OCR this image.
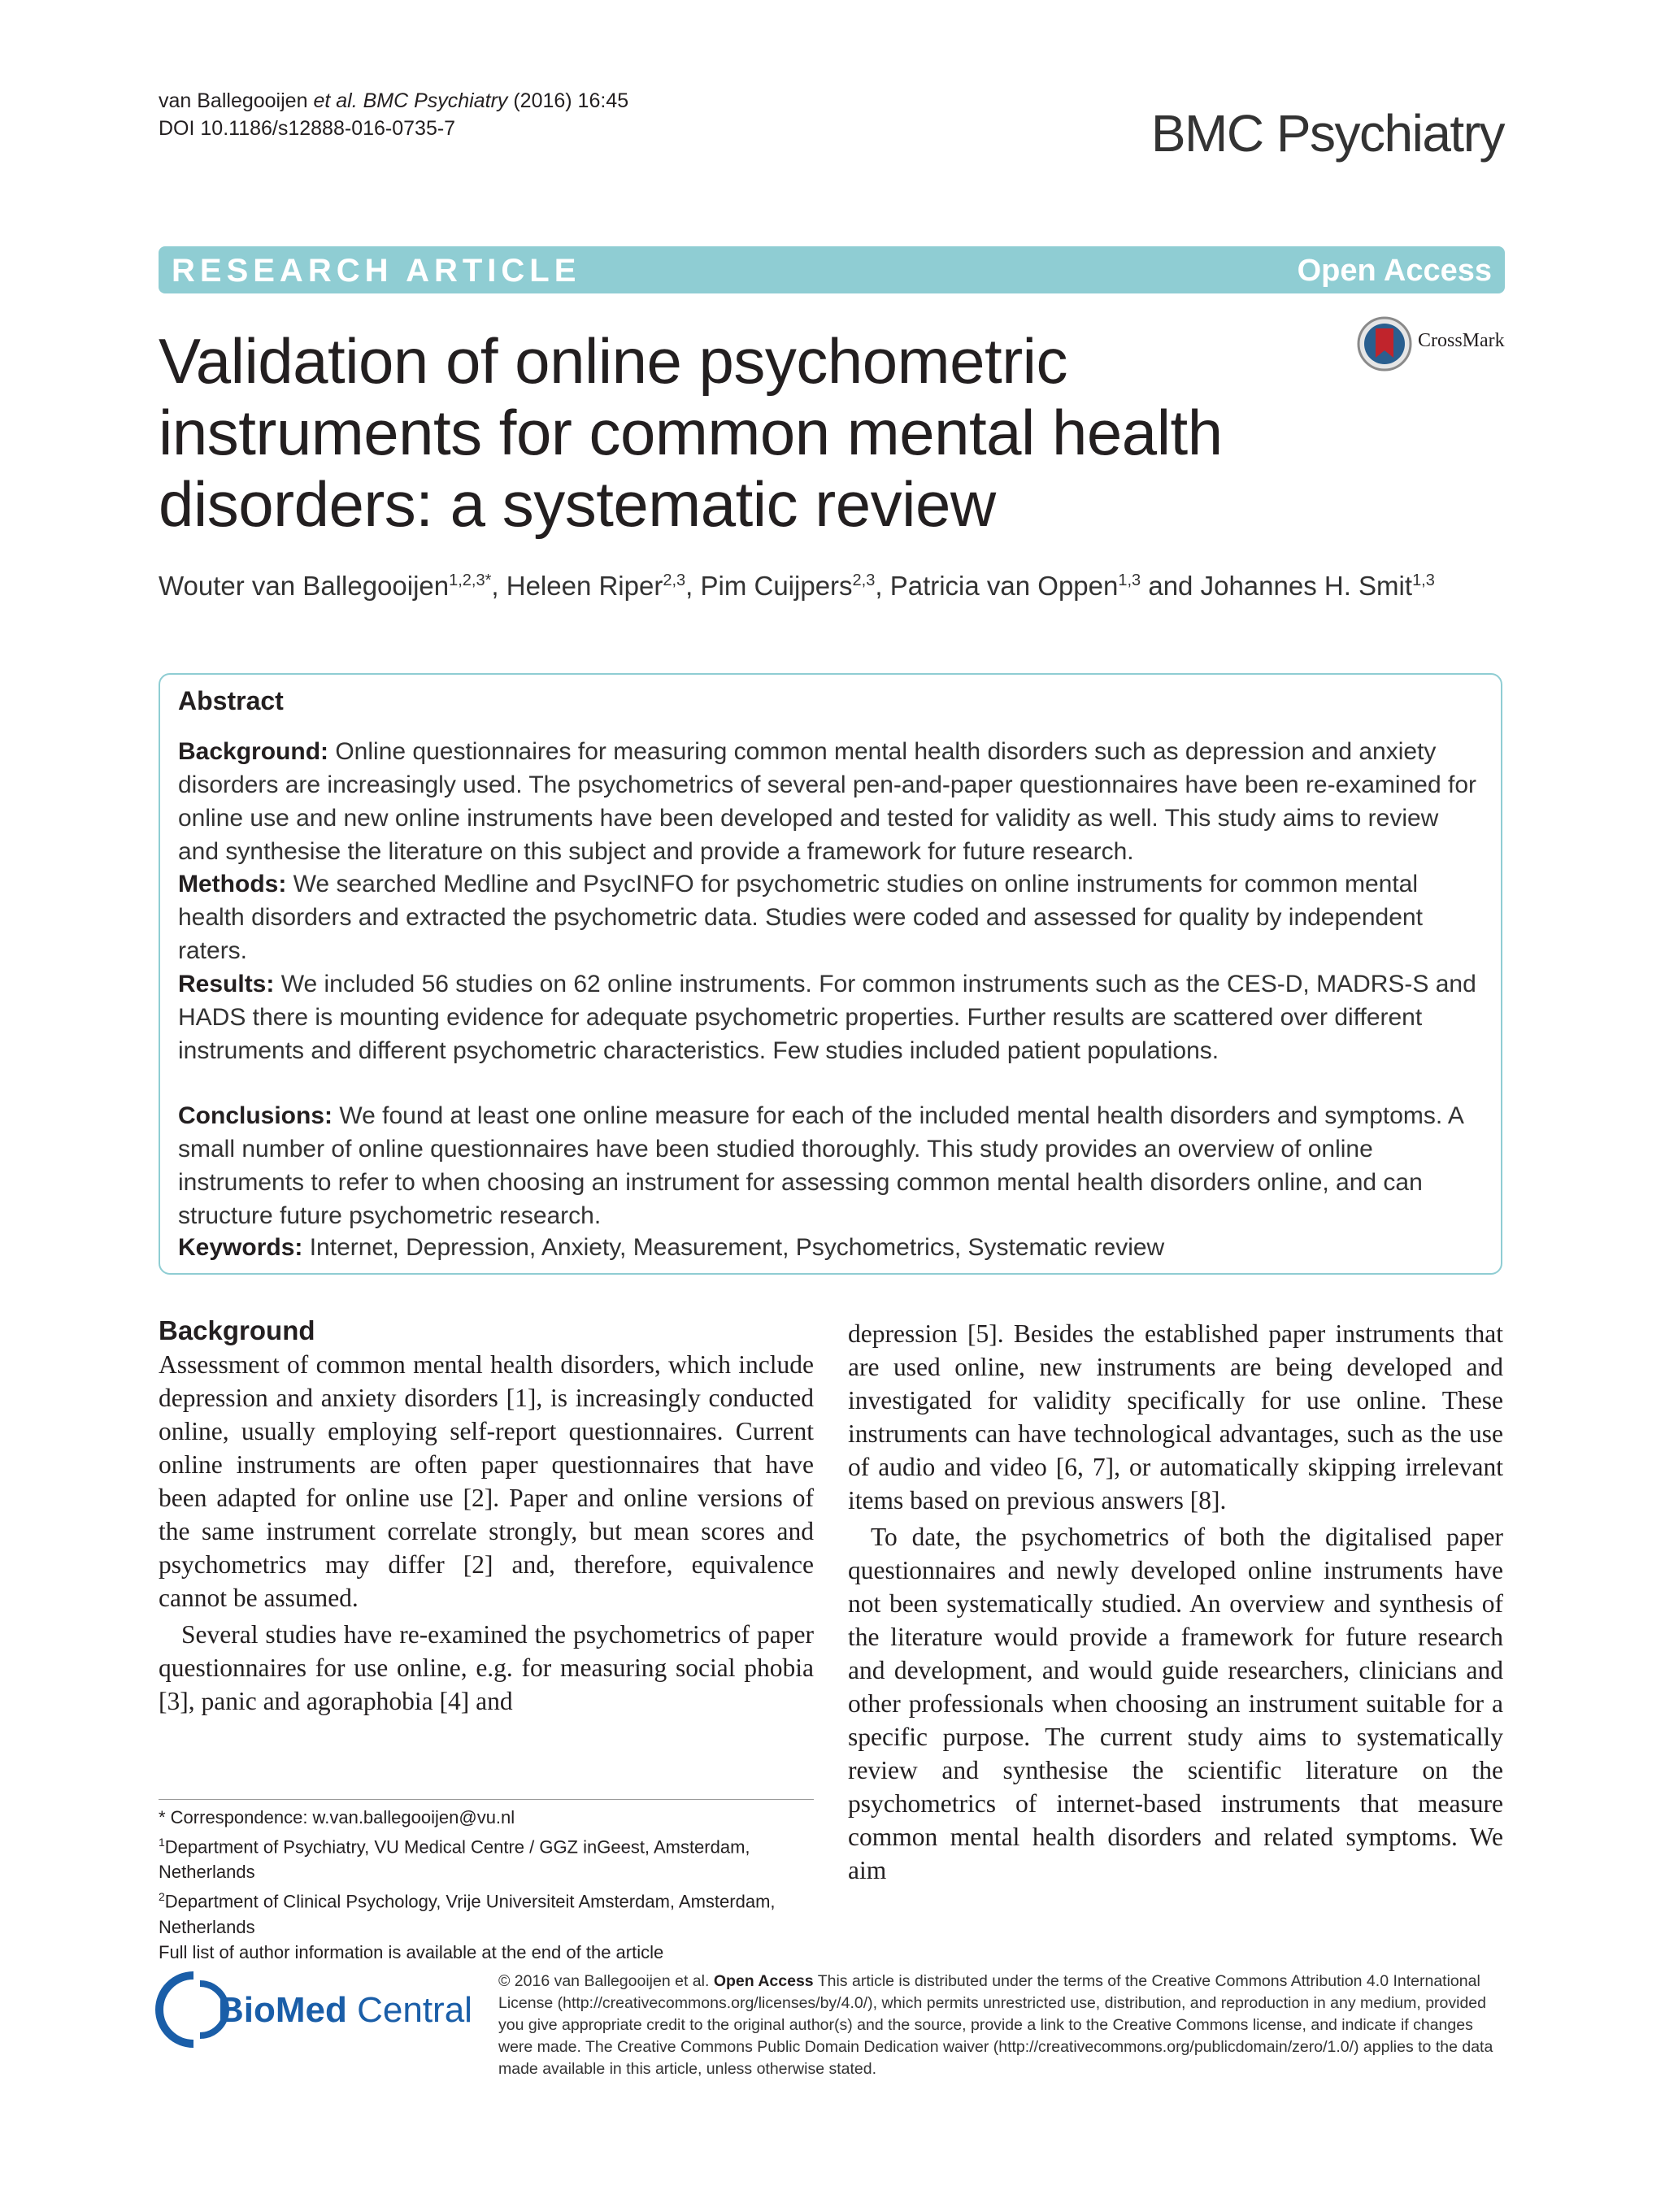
van Ballegooijen et al. BMC Psychiatry (2016) 16:45
DOI 10.1186/s12888-016-0735-7	BMC Psychiatry
RESEARCH ARTICLE	Open Access
CrossMark
Validation of online psychometric instruments for common mental health disorders: a systematic review
Wouter van Ballegooijen$^{1,2,3*}$, Heleen Riper$^{2,3}$, Pim Cuijpers$^{2,3}$, Patricia van Oppen$^{1,3}$ and Johannes H. Smit$^{1,3}$
Abstract
Background: Online questionnaires for measuring common mental health disorders such as depression and anxiety disorders are increasingly used. The psychometrics of several pen-and-paper questionnaires have been re-examined for online use and new online instruments have been developed and tested for validity as well. This study aims to review and synthesise the literature on this subject and provide a framework for future research.
Methods: We searched Medline and PsycINFO for psychometric studies on online instruments for common mental health disorders and extracted the psychometric data. Studies were coded and assessed for quality by independent raters.
Results: We included 56 studies on 62 online instruments. For common instruments such as the CES-D, MADRS-S and HADS there is mounting evidence for adequate psychometric properties. Further results are scattered over different instruments and different psychometric characteristics. Few studies included patient populations.
Conclusions: We found at least one online measure for each of the included mental health disorders and symptoms. A small number of online questionnaires have been studied thoroughly. This study provides an overview of online instruments to refer to when choosing an instrument for assessing common mental health disorders online, and can structure future psychometric research.
Keywords: Internet, Depression, Anxiety, Measurement, Psychometrics, Systematic review
Background

Assessment of common mental health disorders, which include depression and anxiety disorders [1], is increasingly conducted online, usually employing self-report questionnaires. Current online instruments are often paper questionnaires that have been adapted for online use [2]. Paper and online versions of the same instrument correlate strongly, but mean scores and psychometrics may differ [2] and, therefore, equivalence cannot be assumed.

Several studies have re-examined the psychometrics of paper questionnaires for use online, e.g. for measuring social phobia [3], panic and agoraphobia [4] and

depression [5]. Besides the established paper instruments that are used online, new instruments are being developed and investigated for validity specifically for use online. These instruments can have technological advantages, such as the use of audio and video [6, 7], or automatically skipping irrelevant items based on previous answers [8].

To date, the psychometrics of both the digitalised paper questionnaires and newly developed online instruments have not been systematically studied. An overview and synthesis of the literature would provide a framework for future research and development, and would guide researchers, clinicians and other professionals when choosing an instrument suitable for a specific purpose. The current study aims to systematically review and synthesise the scientific literature on the psychometrics of internet-based instruments that measure common mental health disorders and related symptoms. We aim

* Correspondence: w.van.ballegooijen@vu.nl
$^1$Department of Psychiatry, VU Medical Centre / GGZ inGeest, Amsterdam, Netherlands
$^2$Department of Clinical Psychology, Vrije Universiteit Amsterdam, Amsterdam, Netherlands
Full list of author information is available at the end of the article
BioMed Central
© 2016 van Ballegooijen et al. Open Access This article is distributed under the terms of the Creative Commons Attribution 4.0 International License (http://creativecommons.org/licenses/by/4.0/), which permits unrestricted use, distribution, and reproduction in any medium, provided you give appropriate credit to the original author(s) and the source, provide a link to the Creative Commons license, and indicate if changes were made. The Creative Commons Public Domain Dedication waiver (http://creativecommons.org/publicdomain/zero/1.0/) applies to the data made available in this article, unless otherwise stated.
